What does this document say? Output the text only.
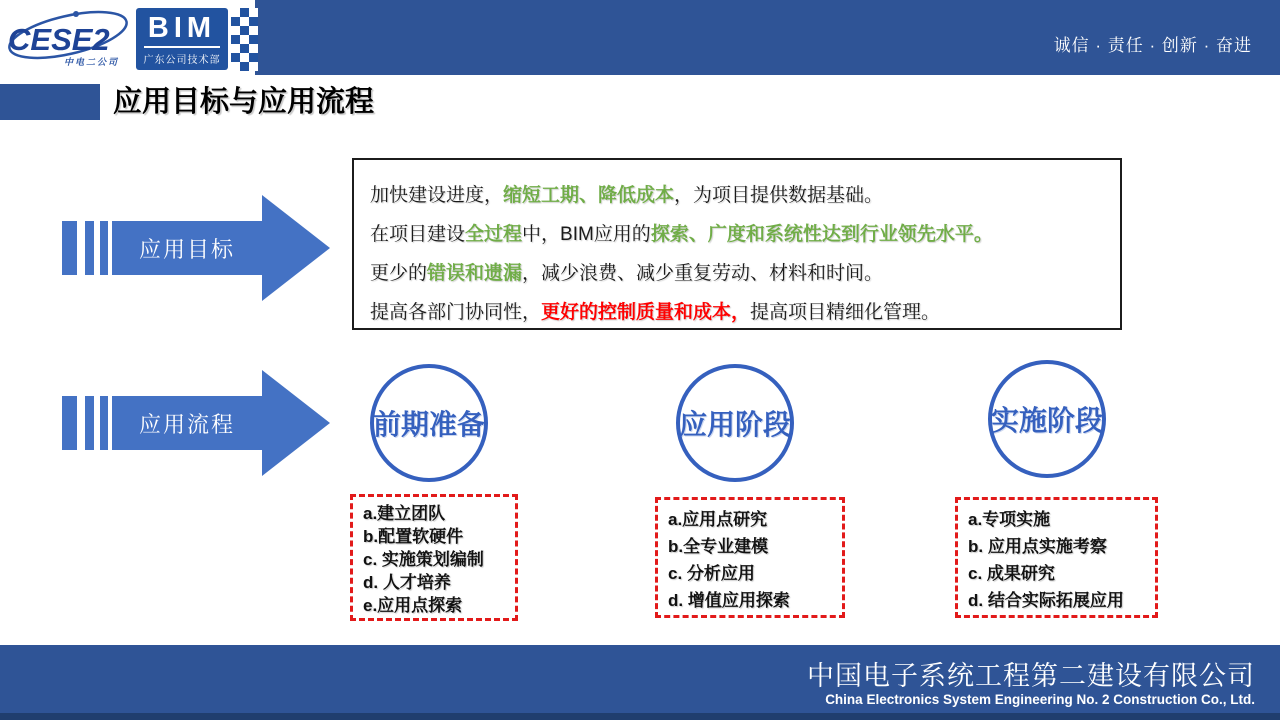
诚信 · 责任 · 创新 · 奋进
CESE2
中电二公司
BIM
广东公司技术部
应用目标与应用流程
应用目标

加快建设进度，缩短工期、降低成本，为项目提供数据基础。

在项目建设全过程中，BIM应用的探索、广度和系统性达到行业领先水平。

更少的错误和遗漏，减少浪费、减少重复劳动、材料和时间。

提高各部门协同性，更好的控制质量和成本，提高项目精细化管理。

应用流程	前期准备	应用阶段	实施阶段
a.建立团队
b.配置软硬件
c. 实施策划编制
d. 人才培养
e.应用点探索
a.应用点研究
b.全专业建模
c. 分析应用
d. 增值应用探索
a.专项实施
b. 应用点实施考察
c. 成果研究
d. 结合实际拓展应用
中国电子系统工程第二建设有限公司
China Electronics System Engineering No. 2 Construction Co., Ltd.
